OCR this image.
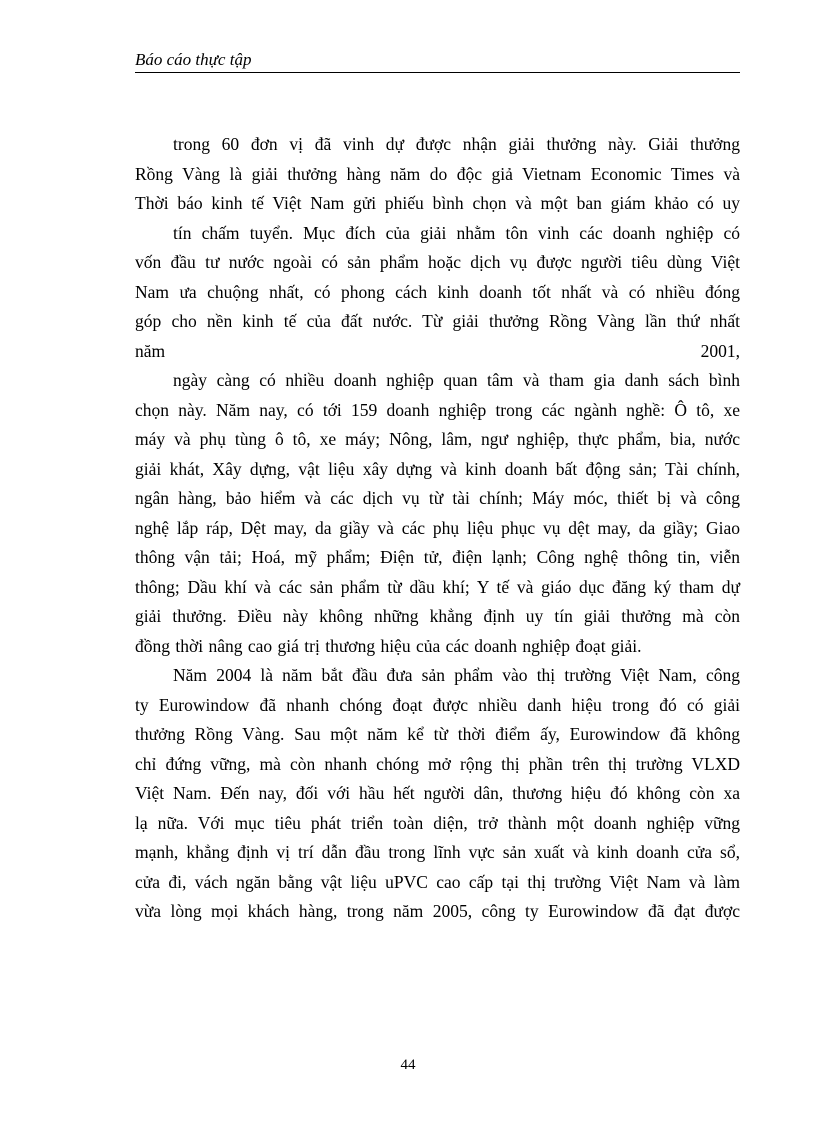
Báo cáo thực tập
trong 60 đơn vị đã vinh dự được nhận giải thưởng này. Giải thưởng
Rồng Vàng là giải thưởng hàng năm do độc giả Vietnam Economic Times và
Thời báo kinh tế Việt Nam gửi phiếu bình chọn và một ban giám khảo có uy
tín chấm tuyển. Mục đích của giải nhằm tôn vinh các doanh nghiệp có
vốn đầu tư nước ngoài có sản phẩm hoặc dịch vụ được người tiêu dùng Việt
Nam ưa chuộng nhất, có phong cách kinh doanh tốt nhất và có nhiều đóng
góp cho nền kinh tế của đất nước. Từ giải thưởng Rồng Vàng lần thứ nhất
năm 2001,
ngày càng có nhiều doanh nghiệp quan tâm và tham gia danh sách bình
chọn này. Năm nay, có tới 159 doanh nghiệp trong các ngành nghề: Ô tô, xe
máy và phụ tùng ô tô, xe máy; Nông, lâm, ngư nghiệp, thực phẩm, bia, nước
giải khát, Xây dựng, vật liệu xây dựng và kinh doanh bất động sản; Tài chính,
ngân hàng, bảo hiểm và các dịch vụ từ tài chính; Máy móc, thiết bị và công
nghệ lắp ráp, Dệt may, da giầy và các phụ liệu phục vụ dệt may, da giầy; Giao
thông vận tải; Hoá, mỹ phẩm; Điện tử, điện lạnh; Công nghệ thông tin, viễn
thông; Dầu khí và các sản phẩm từ dầu khí; Y tế và giáo dục đăng ký tham dự
giải thưởng. Điều này không những khẳng định uy tín giải thưởng mà còn
đồng thời nâng cao giá trị thương hiệu của các doanh nghiệp đoạt giải.
Năm 2004 là năm bắt đầu đưa sản phẩm vào thị trường Việt Nam, công
ty Eurowindow đã nhanh chóng đoạt được nhiều danh hiệu trong đó có giải
thưởng Rồng Vàng. Sau một năm kể từ thời điểm ấy, Eurowindow đã không
chỉ đứng vững, mà còn nhanh chóng mở rộng thị phần trên thị trường VLXD
Việt Nam. Đến nay, đối với hầu hết người dân, thương hiệu đó không còn xa
lạ nữa. Với mục tiêu phát triển toàn diện, trở thành một doanh nghiệp vững
mạnh, khẳng định vị trí dẫn đầu trong lĩnh vực sản xuất và kinh doanh cửa sổ,
cửa đi, vách ngăn bằng vật liệu uPVC cao cấp tại thị trường Việt Nam và làm
vừa lòng mọi khách hàng, trong năm 2005, công ty Eurowindow đã đạt được
44
